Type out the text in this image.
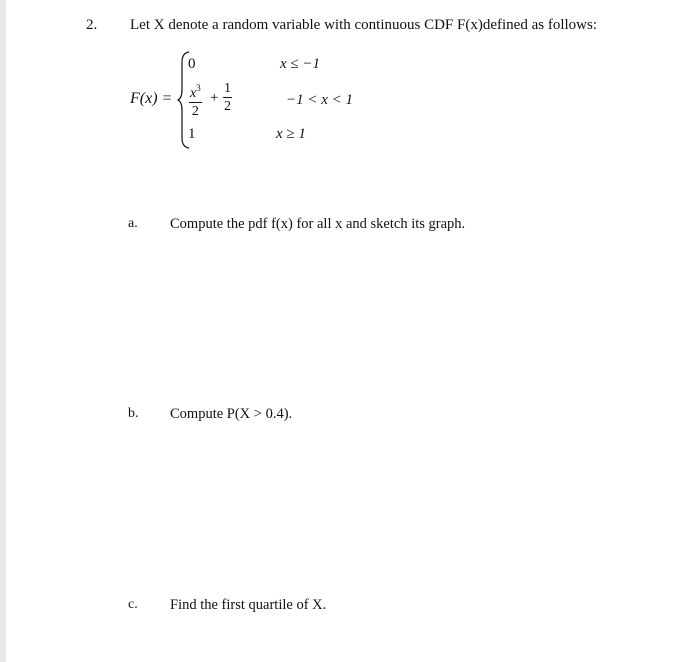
2. Let X denote a random variable with continuous CDF F(x)defined as follows:
F(x) =
0	x ≤ −1
$x^3$
2
+
1
2	−1 < x < 1
1	x ≥ 1
a. Compute the pdf f(x) for all x and sketch its graph.
b. Compute P(X > 0.4).
c. Find the first quartile of X.
